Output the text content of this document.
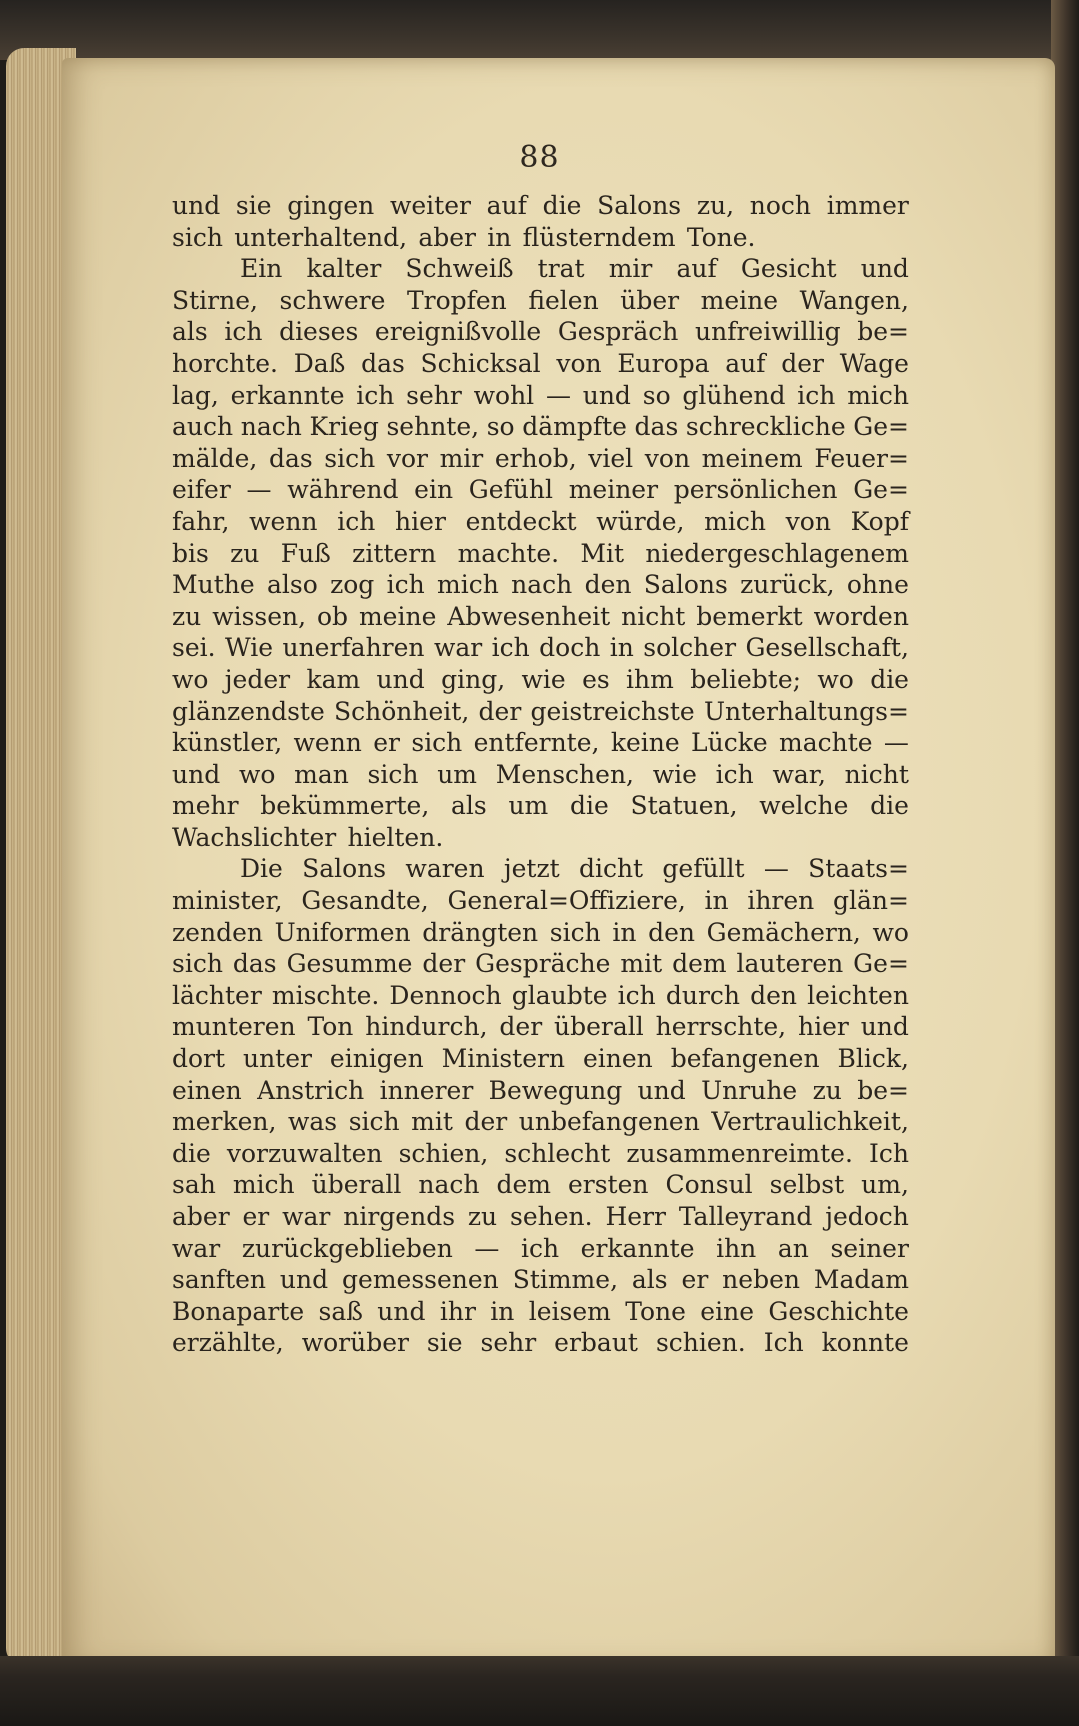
88
und sie gingen weiter auf die Salons zu, noch immer
sich unterhaltend, aber in flüsterndem Tone.
Ein kalter Schweiß trat mir auf Gesicht und
Stirne, schwere Tropfen fielen über meine Wangen,
als ich dieses ereignißvolle Gespräch unfreiwillig be=
horchte. Daß das Schicksal von Europa auf der Wage
lag, erkannte ich sehr wohl — und so glühend ich mich
auch nach Krieg sehnte, so dämpfte das schreckliche Ge=
mälde, das sich vor mir erhob, viel von meinem Feuer=
eifer — während ein Gefühl meiner persönlichen Ge=
fahr, wenn ich hier entdeckt würde, mich von Kopf
bis zu Fuß zittern machte. Mit niedergeschlagenem
Muthe also zog ich mich nach den Salons zurück, ohne
zu wissen, ob meine Abwesenheit nicht bemerkt worden
sei. Wie unerfahren war ich doch in solcher Gesellschaft,
wo jeder kam und ging, wie es ihm beliebte; wo die
glänzendste Schönheit, der geistreichste Unterhaltungs=
künstler, wenn er sich entfernte, keine Lücke machte —
und wo man sich um Menschen, wie ich war, nicht
mehr bekümmerte, als um die Statuen, welche die
Wachslichter hielten.
Die Salons waren jetzt dicht gefüllt — Staats=
minister, Gesandte, General=Offiziere, in ihren glän=
zenden Uniformen drängten sich in den Gemächern, wo
sich das Gesumme der Gespräche mit dem lauteren Ge=
lächter mischte. Dennoch glaubte ich durch den leichten
munteren Ton hindurch, der überall herrschte, hier und
dort unter einigen Ministern einen befangenen Blick,
einen Anstrich innerer Bewegung und Unruhe zu be=
merken, was sich mit der unbefangenen Vertraulichkeit,
die vorzuwalten schien, schlecht zusammenreimte. Ich
sah mich überall nach dem ersten Consul selbst um,
aber er war nirgends zu sehen. Herr Talleyrand jedoch
war zurückgeblieben — ich erkannte ihn an seiner
sanften und gemessenen Stimme, als er neben Madam
Bonaparte saß und ihr in leisem Tone eine Geschichte
erzählte, worüber sie sehr erbaut schien. Ich konnte
